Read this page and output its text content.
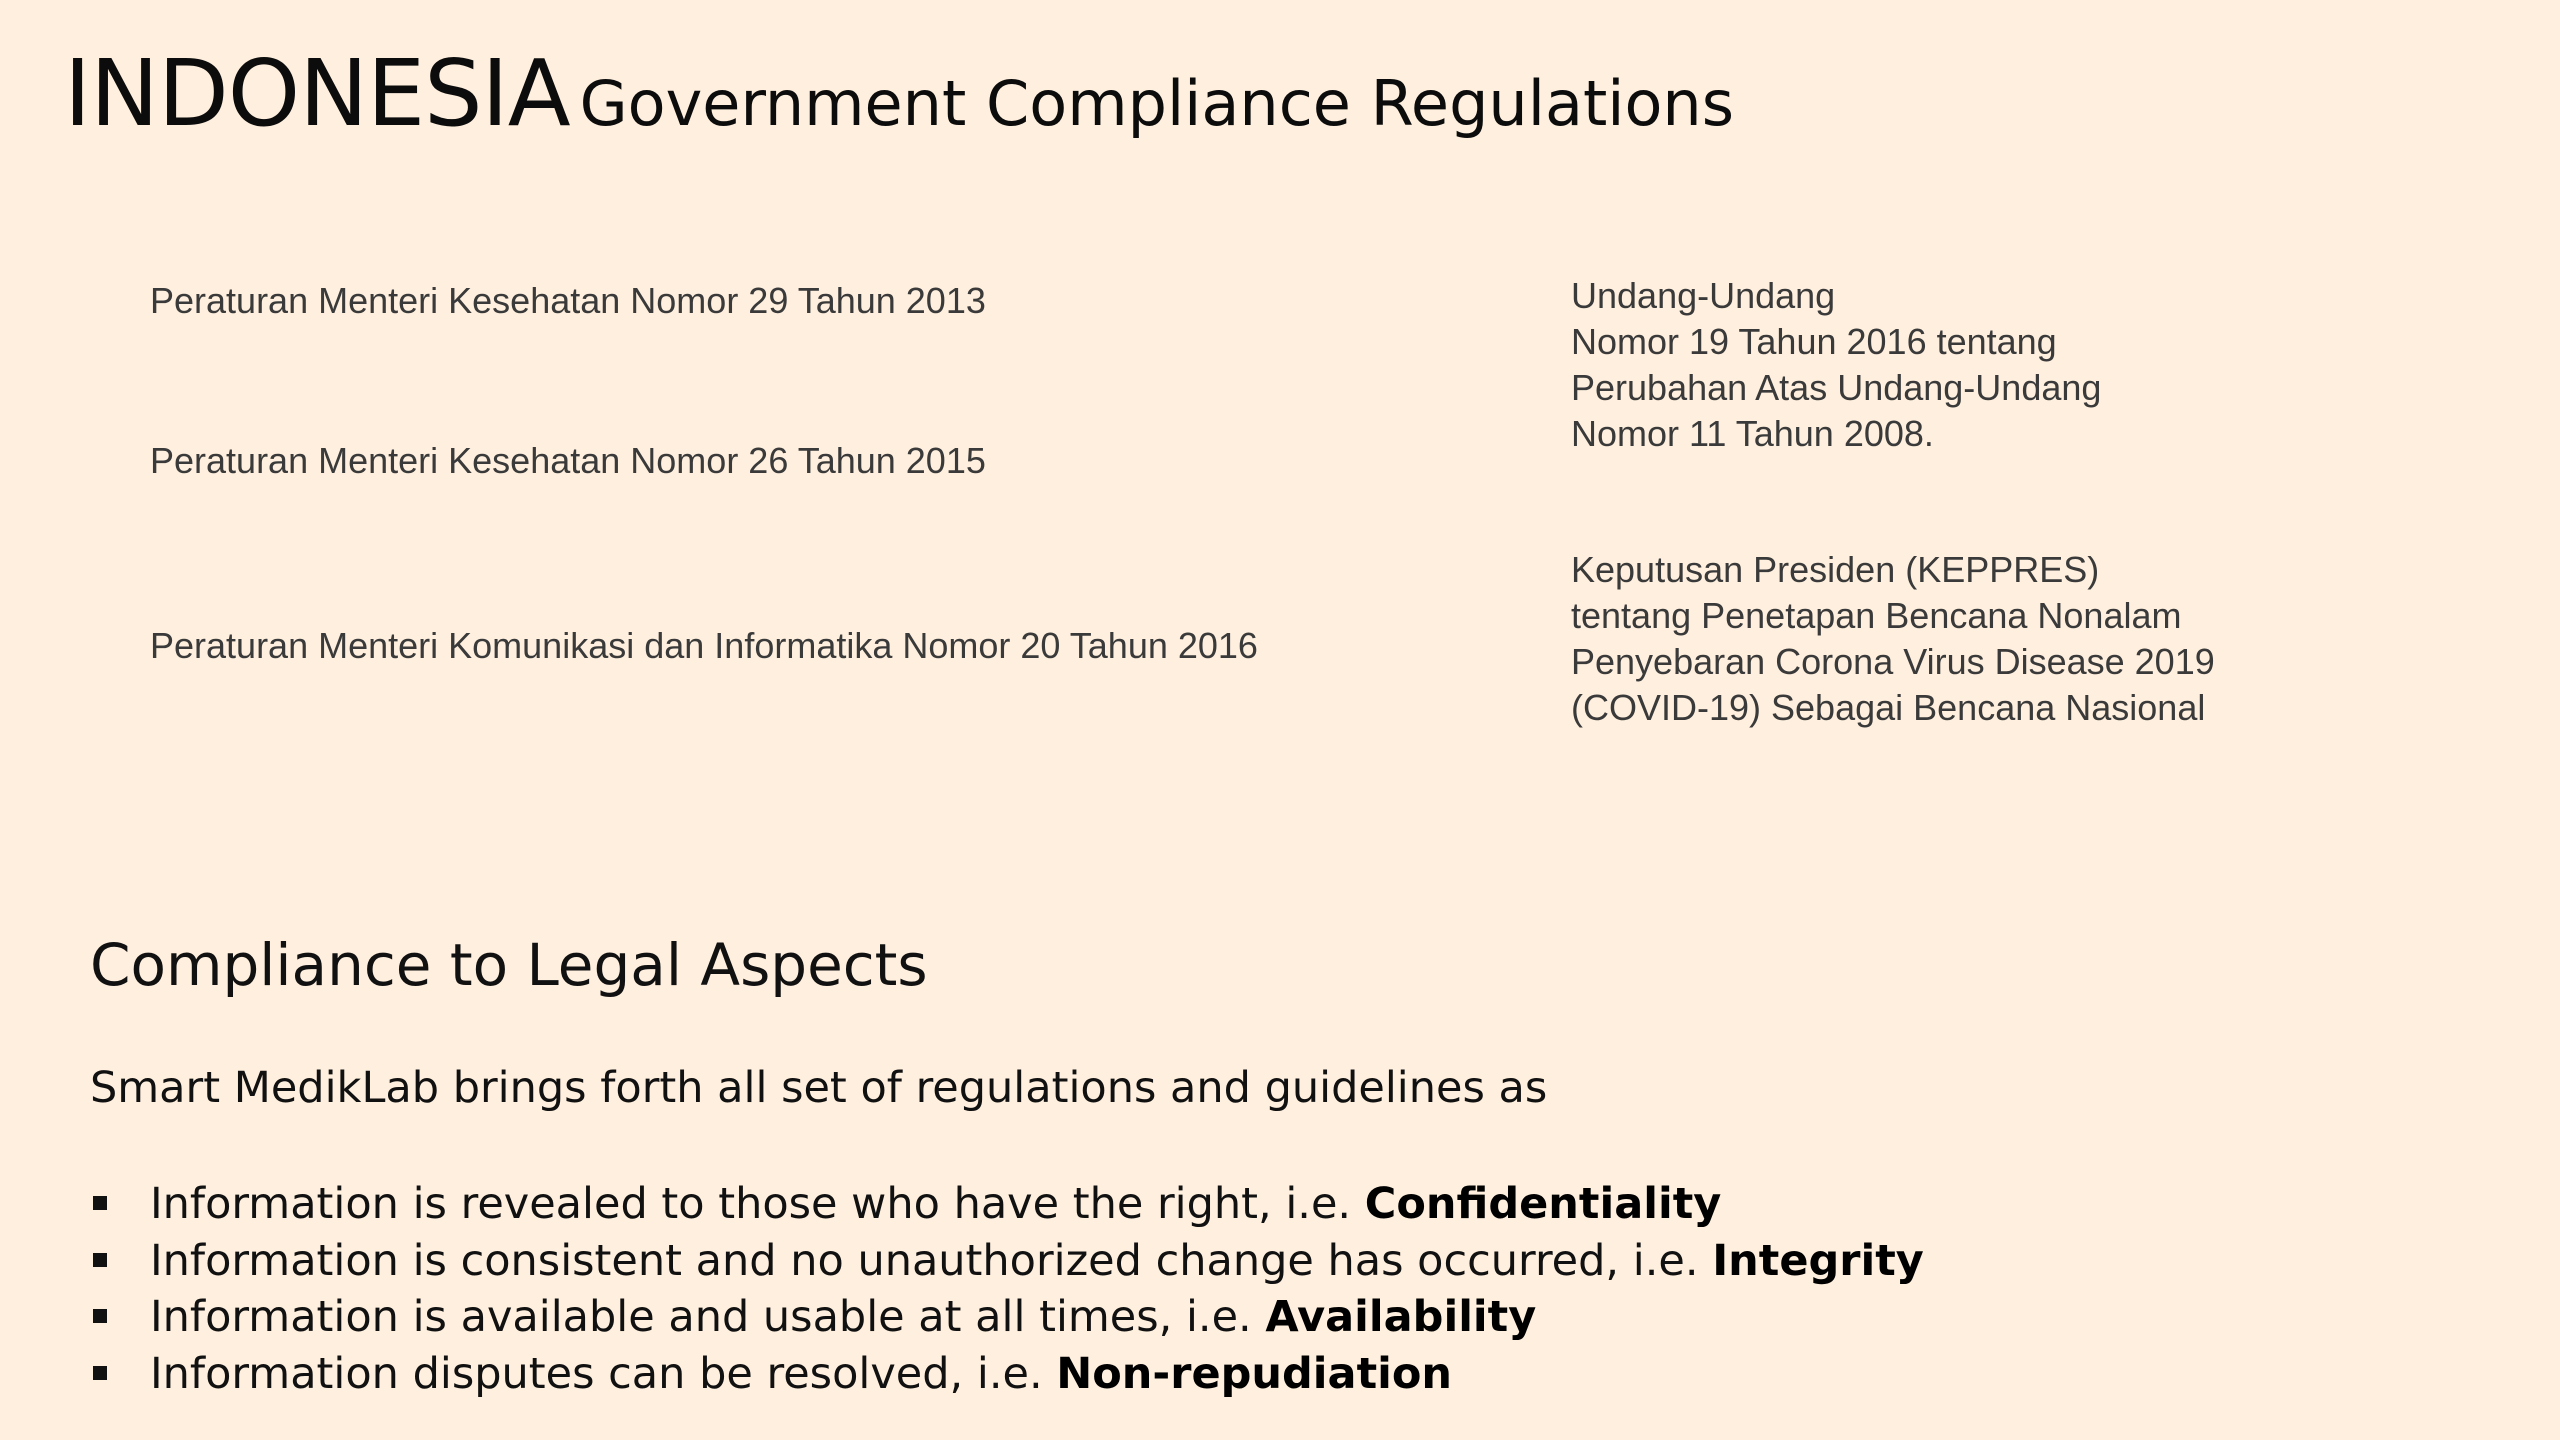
INDONESIA Government Compliance Regulations
Peraturan Menteri Kesehatan Nomor 29 Tahun 2013
Peraturan Menteri Kesehatan Nomor 26 Tahun 2015
Peraturan Menteri Komunikasi dan Informatika Nomor 20 Tahun 2016
Undang-Undang
Nomor 19 Tahun 2016 tentang
Perubahan Atas Undang-Undang
Nomor 11 Tahun 2008.
Keputusan Presiden (KEPPRES)
tentang Penetapan Bencana Nonalam
Penyebaran Corona Virus Disease 2019
(COVID-19) Sebagai Bencana Nasional
Compliance to Legal Aspects
Smart MedikLab brings forth all set of regulations and guidelines as
Information is revealed to those who have the right, i.e. Confidentiality
Information is consistent and no unauthorized change has occurred, i.e. Integrity
Information is available and usable at all times, i.e. Availability
Information disputes can be resolved, i.e. Non-repudiation
